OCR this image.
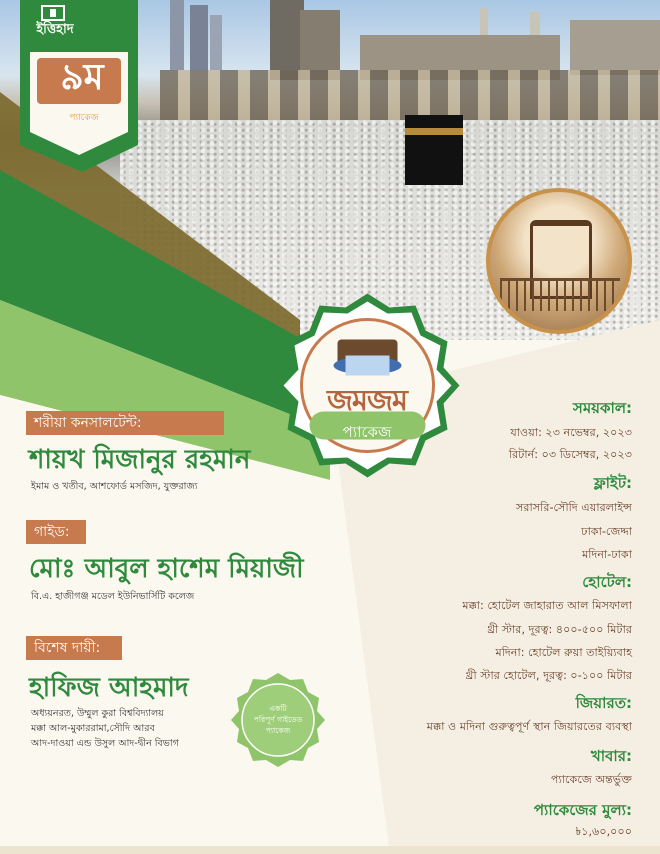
ইত্তিহাদ
৯ম
প্যাকেজ
জমজম
প্যাকেজ
শরীয়া কনসালটেন্ট:
শায়খ মিজানুর রহমান
ইমাম ও খতীব, আশফোর্ড মসজিদ, যুক্তরাজ্য
গাইড:
মোঃ আবুল হাশেম মিয়াজী
বি.এ. হাজীগঞ্জ মডেল ইউনিভার্সিটি কলেজ
বিশেষ দায়ী:
হাফিজ আহমাদ
অধ্যয়নরত, উম্মুল কুরা বিশ্ববিদ্যালয়
মক্কা আল-মুকাররামা,সৌদি আরব
আদ-দাওয়া এন্ড উসুল আদ-দ্বীন বিভাগ
একটি
পরিপূর্ণ গাইডেড
প্যাকেজ
সময়কাল:
যাওয়া: ২৩ নভেম্বর, ২০২৩
রিটার্ন: ০৩ ডিসেম্বর, ২০২৩
ফ্লাইট:
সরাসরি-সৌদি এয়ারলাইন্স
ঢাকা-জেদ্দা
মদিনা-ঢাকা
হোটেল:
মক্কা: হোটেল জাহারাত আল মিসফালা
থ্রী স্টার, দূরত্ব: ৪০০-৫০০ মিটার
মদিনা: হোটেল রুয়া তাইয়্যিবাহ
থ্রী স্টার হোটেল, দূরত্ব: ০-১০০ মিটার
জিয়ারত:
মক্কা ও মদিনা গুরুত্বপূর্ণ স্থান জিয়ারতের ব্যবস্থা
খাবার:
প্যাকেজে অন্তর্ভুক্ত
প্যাকেজের মুল্য:
৳১,৬০,০০০
